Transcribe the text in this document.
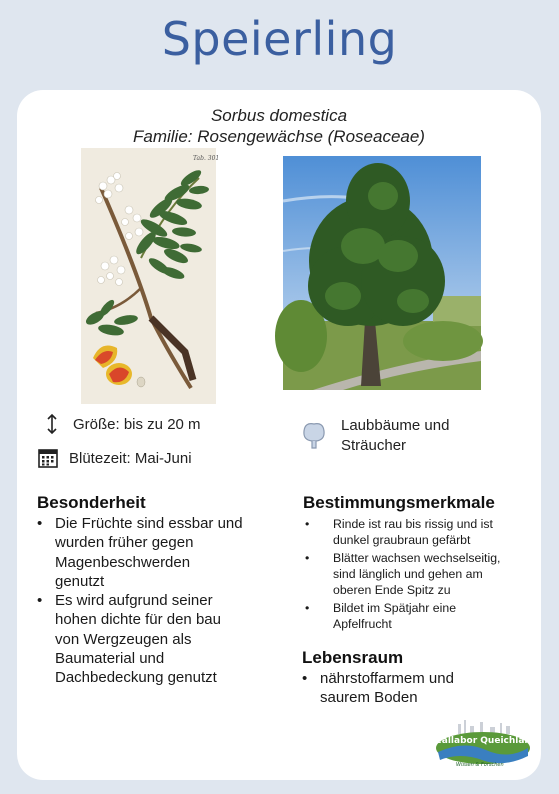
Speierling
Sorbus domestica
Familie: Rosengewächse (Roseaceae)
Tab. 301
Größe: bis zu 20 m
Blütezeit: Mai-Juni
Laubbäume und
Sträucher
Besonderheit
• Die Früchte sind essbar und
wurden früher gegen
Magenbeschwerden
genutzt
• Es wird aufgrund seiner
hohen dichte für den bau
von Wergzeugen als
Baumaterial und
Dachbedeckung genutzt
Bestimmungsmerkmale
• Rinde ist rau bis rissig und ist
dunkel graubraun gefärbt
• Blätter wachsen wechselseitig,
sind länglich und gehen am
oberen Ende Spitz zu
• Bildet im Spätjahr eine
Apfelfrucht
Lebensraum
• nährstoffarmem und
saurem Boden
Reallabor Queichland
Wissen & Forschen
